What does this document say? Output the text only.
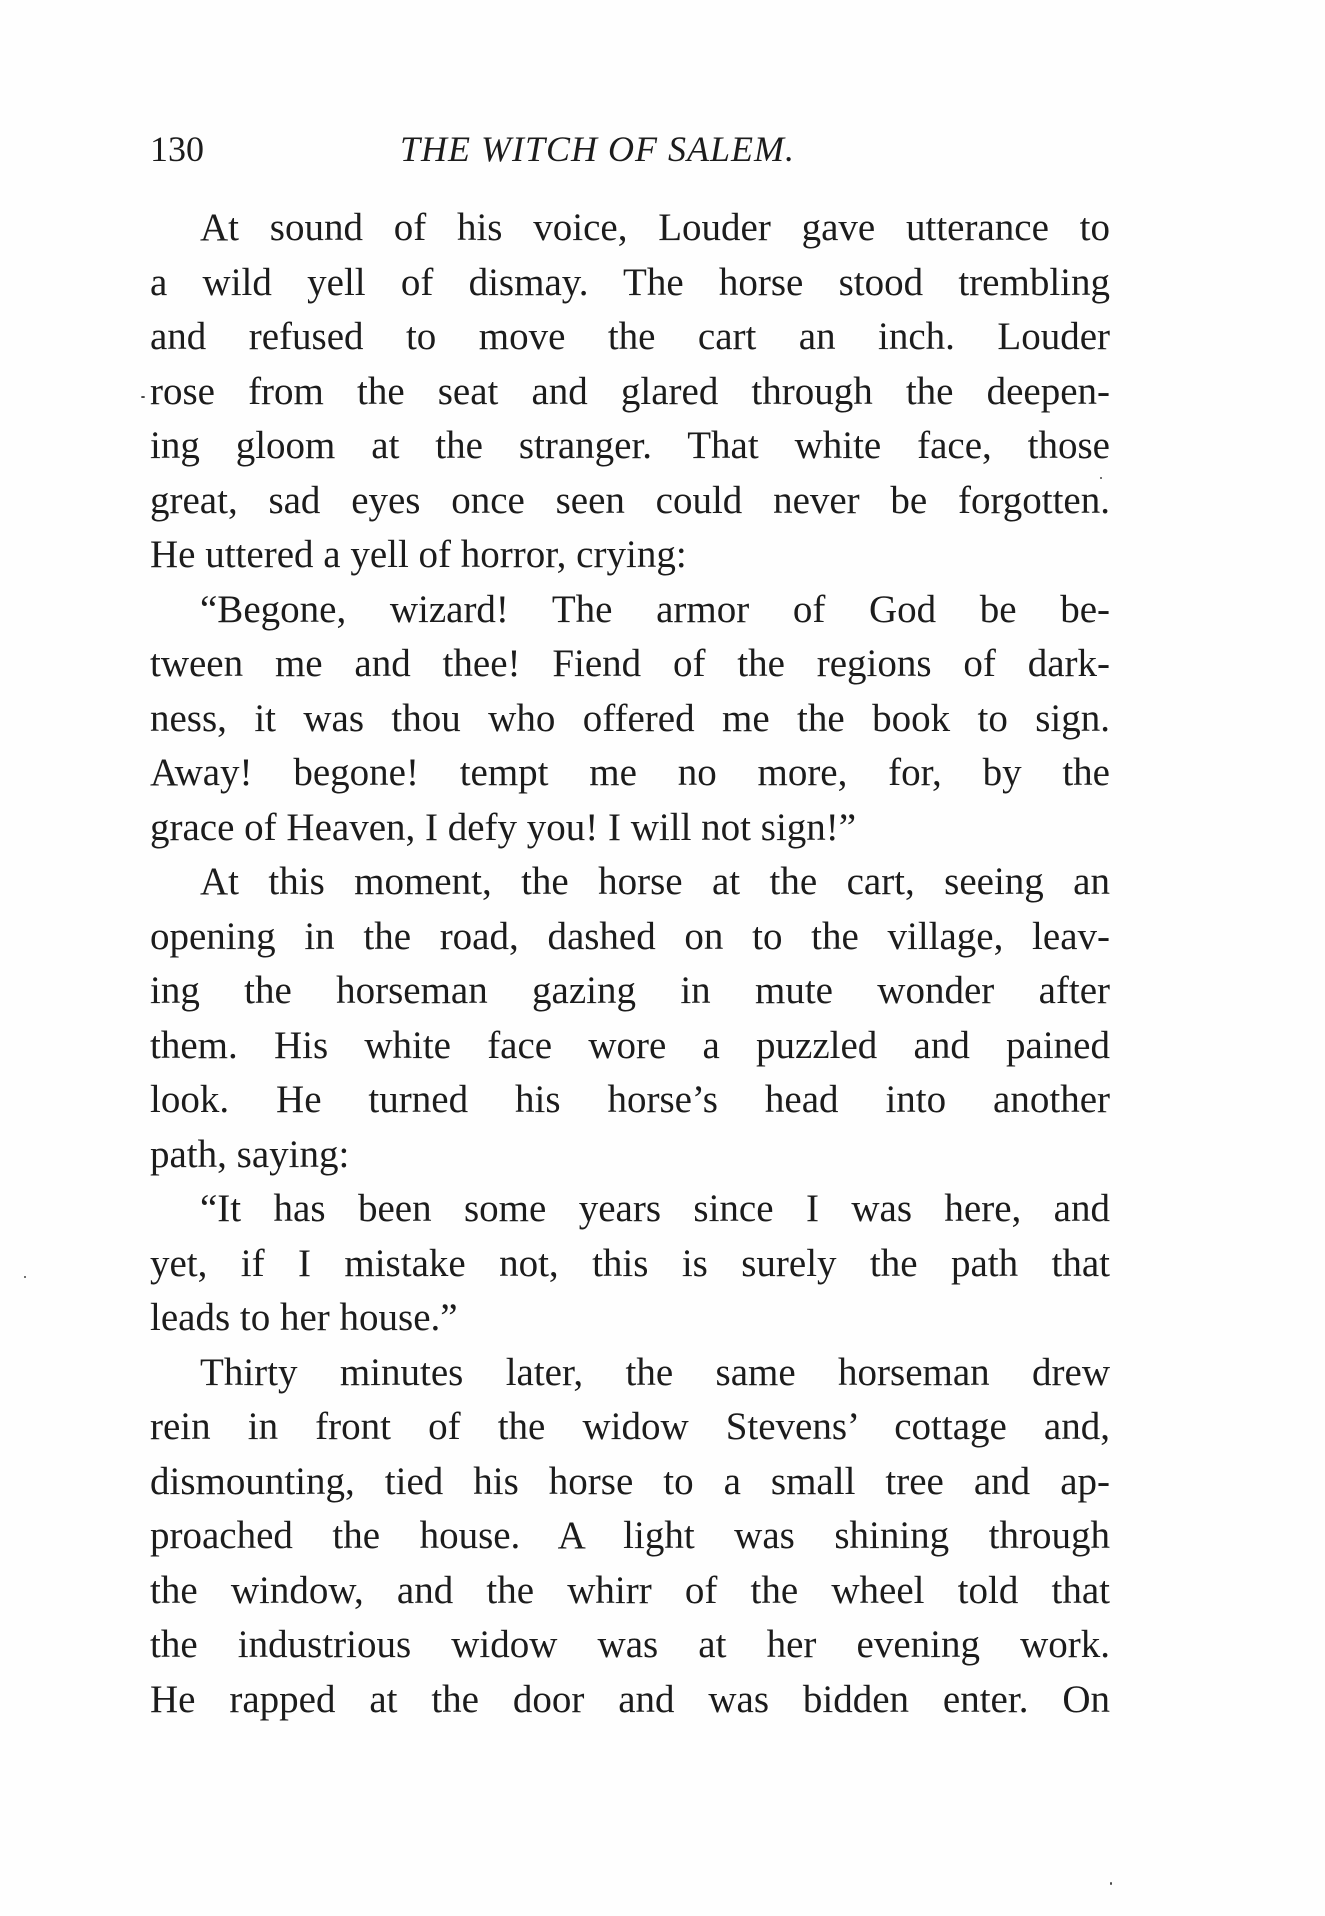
130	THE WITCH OF SALEM.
At sound of his voice, Louder gave utterance to
a wild yell of dismay. The horse stood trembling
and refused to move the cart an inch. Louder
rose from the seat and glared through the deepen-
ing gloom at the stranger. That white face, those
great, sad eyes once seen could never be forgotten.
He uttered a yell of horror, crying:
“Begone, wizard! The armor of God be be-
tween me and thee! Fiend of the regions of dark-
ness, it was thou who offered me the book to sign.
Away! begone! tempt me no more, for, by the
grace of Heaven, I defy you! I will not sign!”
At this moment, the horse at the cart, seeing an
opening in the road, dashed on to the village, leav-
ing the horseman gazing in mute wonder after
them. His white face wore a puzzled and pained
look. He turned his horse’s head into another
path, saying:
“It has been some years since I was here, and
yet, if I mistake not, this is surely the path that
leads to her house.”
Thirty minutes later, the same horseman drew
rein in front of the widow Stevens’ cottage and,
dismounting, tied his horse to a small tree and ap-
proached the house. A light was shining through
the window, and the whirr of the wheel told that
the industrious widow was at her evening work.
He rapped at the door and was bidden enter. On
